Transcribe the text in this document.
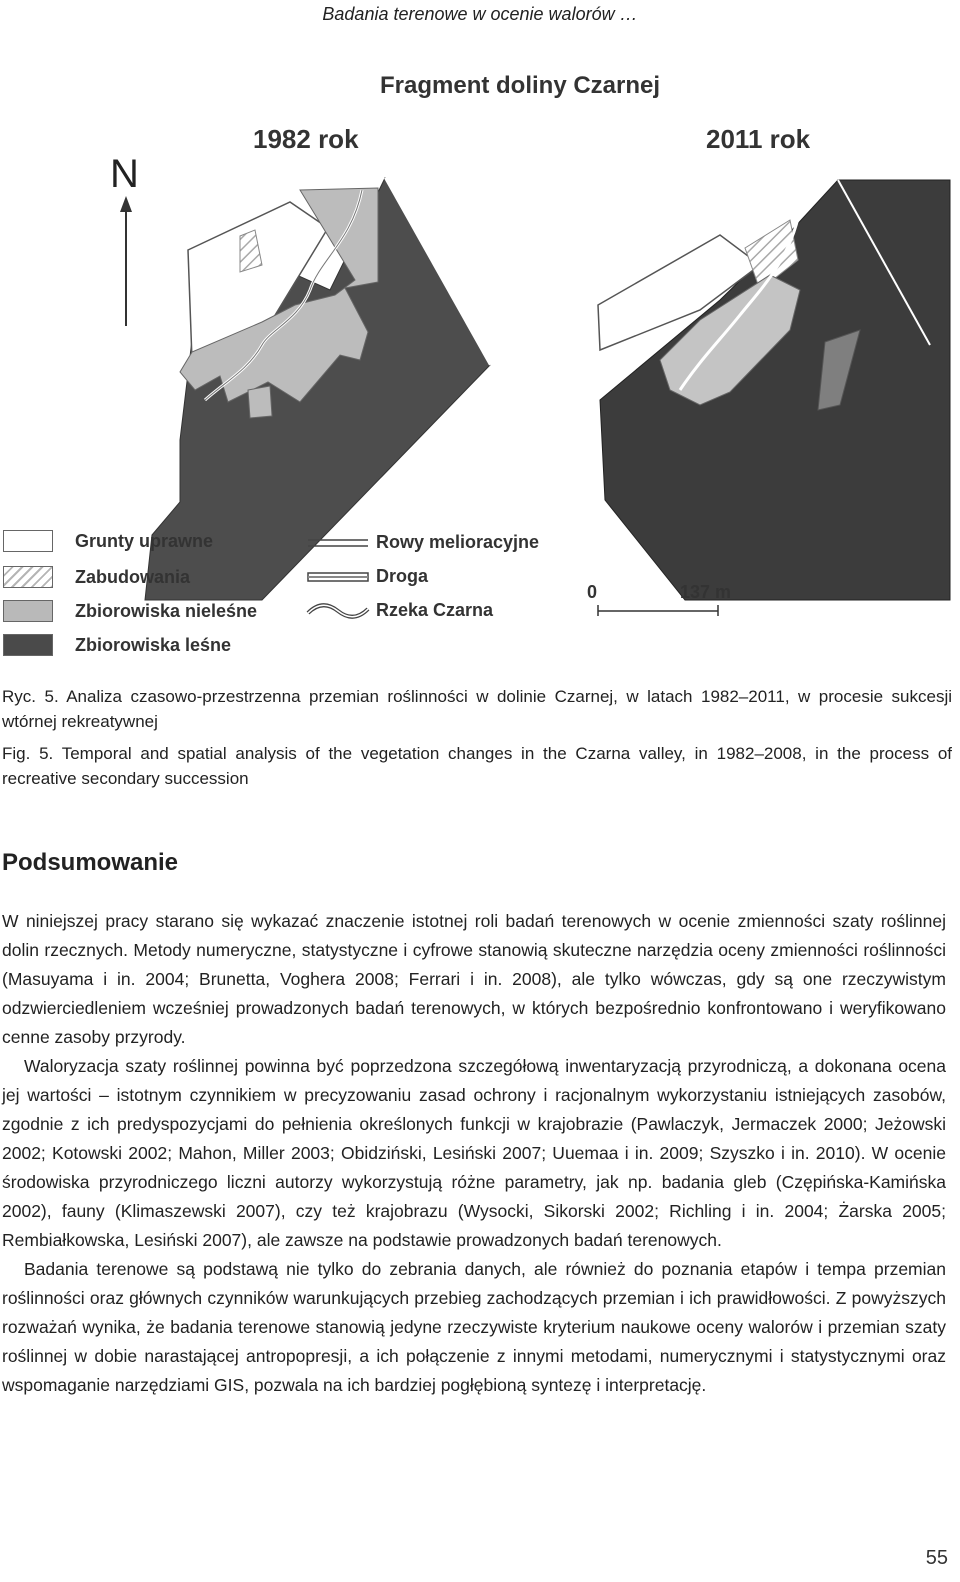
Badania terenowe w ocenie walorów …
Fragment doliny Czarnej
1982 rok	2011 rok
N
Grunty uprawne
Zabudowania
Zbiorowiska nieleśne
Zbiorowiska leśne
Rowy melioracyjne
Droga
Rzeka Czarna
0	137 m
Ryc. 5. Analiza czasowo-przestrzenna przemian roślinności w dolinie Czarnej, w latach 1982–2011, w procesie sukcesji wtórnej rekreatywnej
Fig. 5. Temporal and spatial analysis of the vegetation changes in the Czarna valley, in 1982–2008, in the process of recreative secondary succession
Podsumowanie

W niniejszej pracy starano się wykazać znaczenie istotnej roli badań terenowych w ocenie zmienności szaty roślinnej dolin rzecznych. Metody numeryczne, statystyczne i cyfrowe stanowią skuteczne narzędzia oceny zmienności roślinności (Masuyama i in. 2004; Brunetta, Voghera 2008; Ferrari i in. 2008), ale tylko wówczas, gdy są one rzeczywistym odzwierciedleniem wcześniej prowadzonych badań terenowych, w których bezpośrednio konfrontowano i weryfikowano cenne zasoby przyrody.

Waloryzacja szaty roślinnej powinna być poprzedzona szczegółową inwentaryzacją przyrodniczą, a dokonana ocena jej wartości – istotnym czynnikiem w precyzowaniu zasad ochrony i racjonalnym wykorzystaniu istniejących zasobów, zgodnie z ich predyspozycjami do pełnienia określonych funkcji w krajobrazie (Pawlaczyk, Jermaczek 2000; Jeżowski 2002; Kotowski 2002; Mahon, Miller 2003; Obidziński, Lesiński 2007; Uuemaa i in. 2009; Szyszko i in. 2010). W ocenie środowiska przyrodniczego liczni autorzy wykorzystują różne parametry, jak np. badania gleb (Czępińska-Kamińska 2002), fauny (Klimaszewski 2007), czy też krajobrazu (Wysocki, Sikorski 2002; Richling i in. 2004; Żarska 2005; Rembiałkowska, Lesiński 2007), ale zawsze na podstawie prowadzonych badań terenowych.

Badania terenowe są podstawą nie tylko do zebrania danych, ale również do poznania etapów i tempa przemian roślinności oraz głównych czynników warunkujących przebieg zachodzących przemian i ich prawidłowości. Z powyższych rozważań wynika, że badania terenowe stanowią jedyne rzeczywiste kryterium naukowe oceny walorów i przemian szaty roślinnej w dobie narastającej antropopresji, a ich połączenie z innymi metodami, numerycznymi i statystycznymi oraz wspomaganie narzędziami GIS, pozwala na ich bardziej pogłębioną syntezę i interpretację.

55
